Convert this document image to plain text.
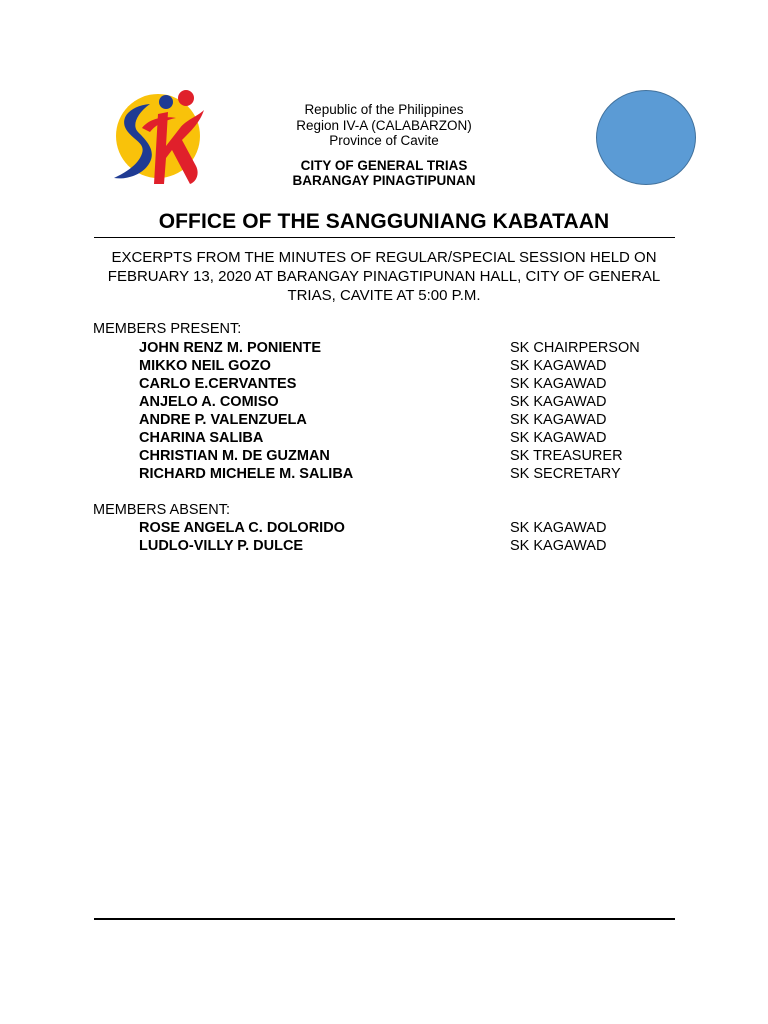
Republic of the Philippines
Region IV-A (CALABARZON)
Province of Cavite
CITY OF GENERAL TRIAS
BARANGAY PINAGTIPUNAN
OFFICE OF THE SANGGUNIANG KABATAAN
EXCERPTS FROM THE MINUTES OF REGULAR/SPECIAL SESSION HELD ON FEBRUARY 13, 2020 AT BARANGAY PINAGTIPUNAN HALL, CITY OF GENERAL TRIAS, CAVITE AT 5:00 P.M.
MEMBERS PRESENT:
JOHN RENZ M. PONIENTE	SK CHAIRPERSON
MIKKO NEIL GOZO	SK KAGAWAD
CARLO E.CERVANTES	SK KAGAWAD
ANJELO A. COMISO	SK KAGAWAD
ANDRE P. VALENZUELA	SK KAGAWAD
CHARINA SALIBA	SK KAGAWAD
CHRISTIAN M. DE GUZMAN	SK TREASURER
RICHARD MICHELE M. SALIBA	SK SECRETARY
MEMBERS ABSENT:
ROSE ANGELA C. DOLORIDO	SK KAGAWAD
LUDLO-VILLY P. DULCE	SK KAGAWAD
